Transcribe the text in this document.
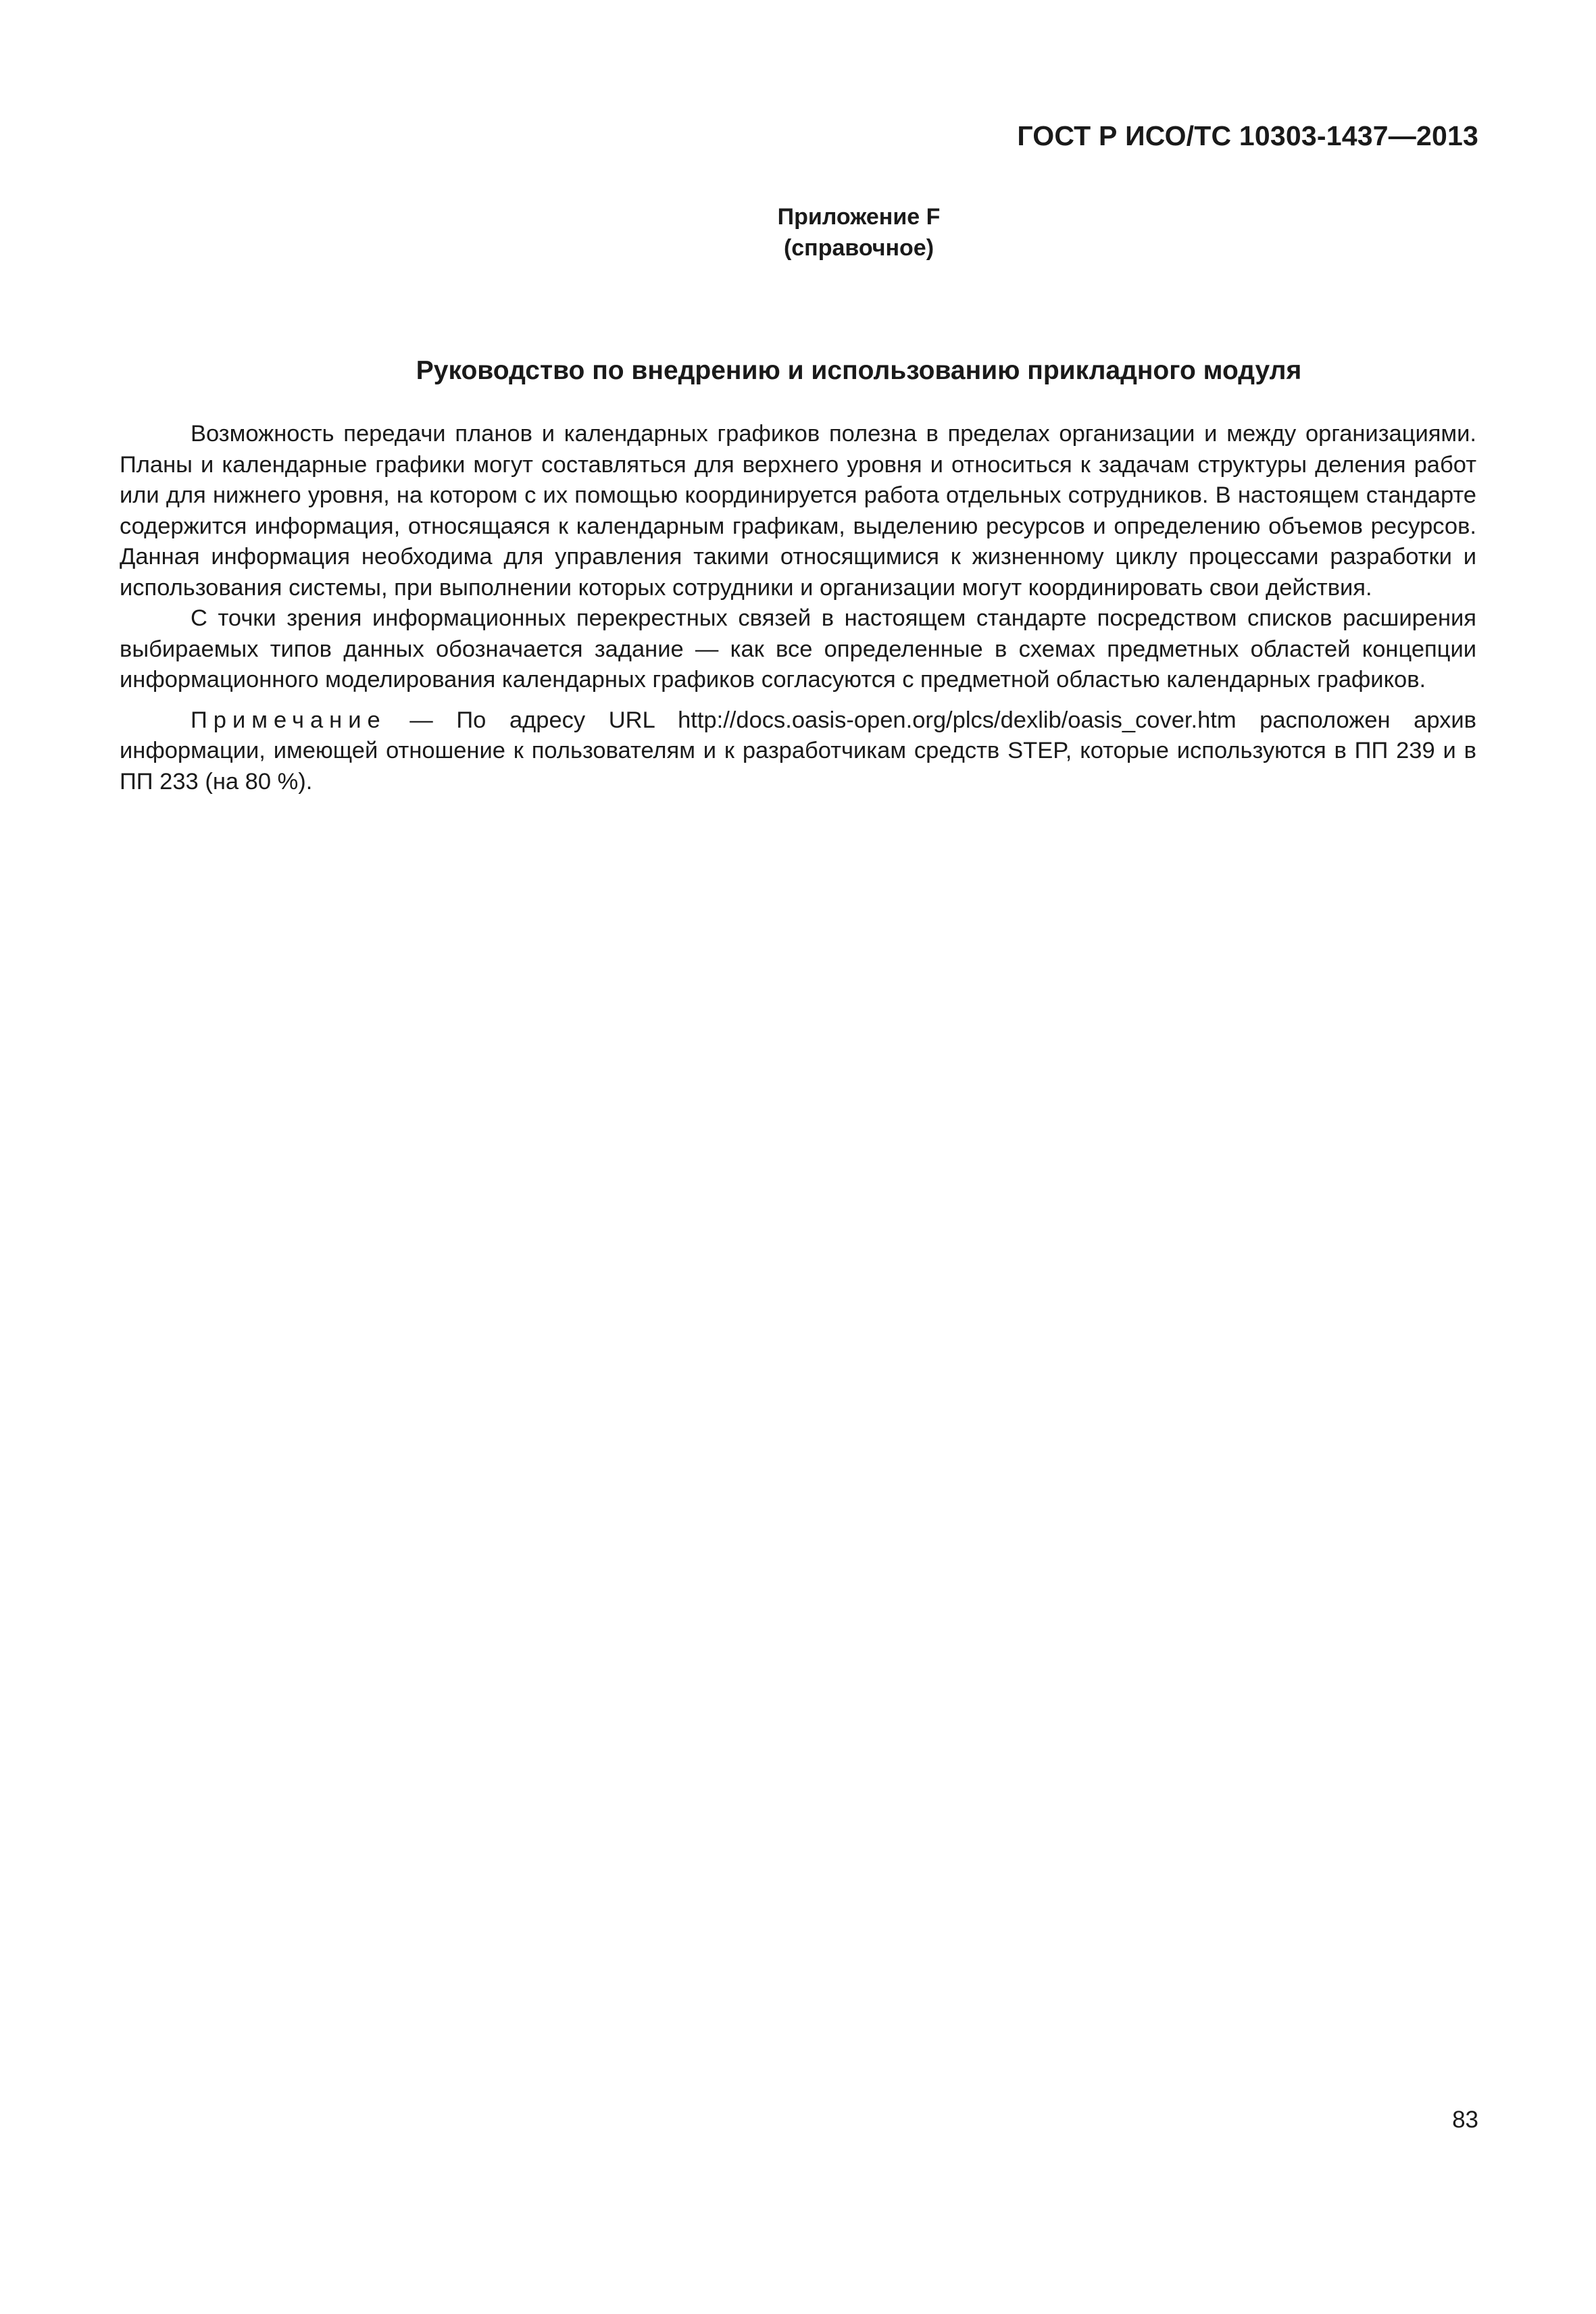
ГОСТ Р ИСО/ТС 10303-1437—2013
Приложение F
(справочное)
Руководство по внедрению и использованию прикладного модуля

Возможность передачи планов и календарных графиков полезна в пределах организации и между организациями. Планы и календарные графики могут составляться для верхнего уровня и относиться к задачам структуры деления работ или для нижнего уровня, на котором с их помощью координируется работа отдельных сотрудников. В настоящем стандарте содержится информация, относящаяся к календарным графикам, выделению ресурсов и определению объемов ресурсов. Данная информация необходима для управления такими относящимися к жизненному циклу процессами разработки и использования системы, при выполнении которых сотрудники и организации могут координировать свои действия.

С точки зрения информационных перекрестных связей в настоящем стандарте посредством списков расширения выбираемых типов данных обозначается задание — как все определенные в схемах предметных областей концепции информационного моделирования календарных графиков согласуются с предметной областью календарных графиков.

Примечание — По адресу URL http://docs.oasis-open.org/plcs/dexlib/oasis_cover.htm расположен архив информации, имеющей отношение к пользователям и к разработчикам средств STEP, которые используются в ПП 239 и в ПП 233 (на 80 %).

83
